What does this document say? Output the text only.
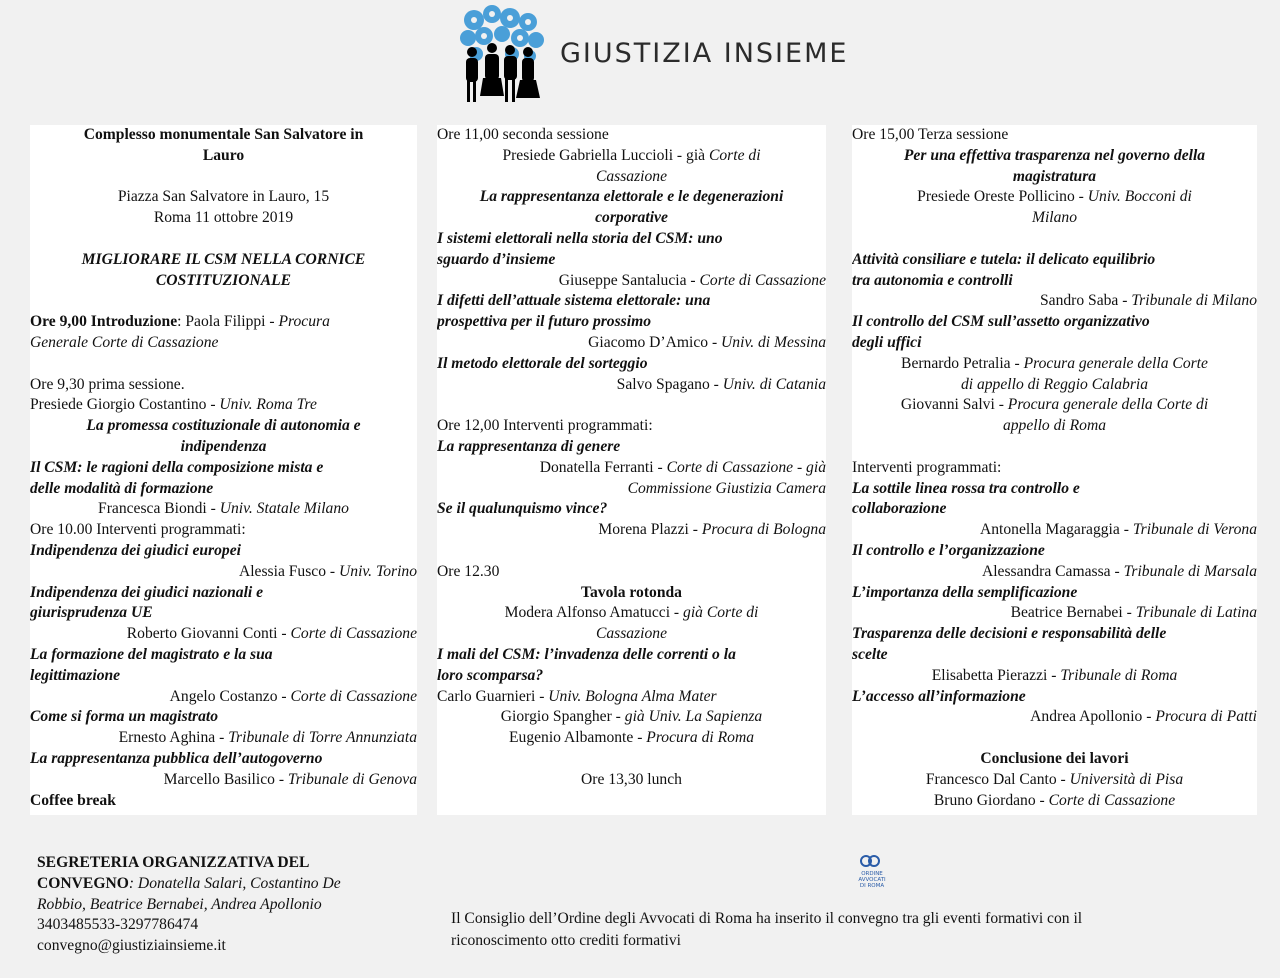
GIUSTIZIA INSIEME
Complesso monumentale San Salvatore in
Lauro
Piazza San Salvatore in Lauro, 15
Roma 11 ottobre 2019
MIGLIORARE IL CSM NELLA CORNICE
COSTITUZIONALE
Ore 9,00 Introduzione: Paola Filippi - Procura
Generale Corte di Cassazione
Ore 9,30 prima sessione.
Presiede Giorgio Costantino - Univ. Roma Tre
La promessa costituzionale di autonomia e
indipendenza
Il CSM: le ragioni della composizione mista e
delle modalità di formazione
Francesca Biondi - Univ. Statale Milano
Ore 10.00 Interventi programmati:
Indipendenza dei giudici europei
Alessia Fusco - Univ. Torino
Indipendenza dei giudici nazionali e
giurisprudenza UE
Roberto Giovanni Conti - Corte di Cassazione
La formazione del magistrato e la sua
legittimazione
Angelo Costanzo - Corte di Cassazione
Come si forma un magistrato
Ernesto Aghina - Tribunale di Torre Annunziata
La rappresentanza pubblica dell’autogoverno
Marcello Basilico - Tribunale di Genova
Coffee break
Ore 11,00 seconda sessione
Presiede Gabriella Luccioli - già Corte di
Cassazione
La rappresentanza elettorale e le degenerazioni
corporative
I sistemi elettorali nella storia del CSM: uno
sguardo d’insieme
Giuseppe Santalucia - Corte di Cassazione
I difetti dell’attuale sistema elettorale: una
prospettiva per il futuro prossimo
Giacomo D’Amico - Univ. di Messina
Il metodo elettorale del sorteggio
Salvo Spagano - Univ. di Catania
Ore 12,00 Interventi programmati:
La rappresentanza di genere
Donatella Ferranti - Corte di Cassazione - già
Commissione Giustizia Camera
Se il qualunquismo vince?
Morena Plazzi - Procura di Bologna
Ore 12.30
Tavola rotonda
Modera Alfonso Amatucci - già Corte di
Cassazione
I mali del CSM: l’invadenza delle correnti o la
loro scomparsa?
Carlo Guarnieri - Univ. Bologna Alma Mater
Giorgio Spangher - già Univ. La Sapienza
Eugenio Albamonte - Procura di Roma
Ore 13,30 lunch
Ore 15,00 Terza sessione
Per una effettiva trasparenza nel governo della
magistratura
Presiede Oreste Pollicino - Univ. Bocconi di
Milano
Attività consiliare e tutela: il delicato equilibrio
tra autonomia e controlli
Sandro Saba - Tribunale di Milano
Il controllo del CSM sull’assetto organizzativo
degli uffici
Bernardo Petralia - Procura generale della Corte
di appello di Reggio Calabria
Giovanni Salvi - Procura generale della Corte di
appello di Roma
Interventi programmati:
La sottile linea rossa tra controllo e
collaborazione
Antonella Magaraggia - Tribunale di Verona
Il controllo e l’organizzazione
Alessandra Camassa - Tribunale di Marsala
L’importanza della semplificazione
Beatrice Bernabei - Tribunale di Latina
Trasparenza delle decisioni e responsabilità delle
scelte
Elisabetta Pierazzi - Tribunale di Roma
L’accesso all’informazione
Andrea Apollonio - Procura di Patti
Conclusione dei lavori
Francesco Dal Canto - Università di Pisa
Bruno Giordano - Corte di Cassazione
SEGRETERIA ORGANIZZATIVA DEL
CONVEGNO: Donatella Salari, Costantino De
Robbio, Beatrice Bernabei, Andrea Apollonio
3403485533-3297786474
convegno@giustiziainsieme.it
ORDINE
AVVOCATI
DI ROMA
Il Consiglio dell’Ordine degli Avvocati di Roma ha inserito il convegno tra gli eventi formativi con il
riconoscimento otto crediti formativi
